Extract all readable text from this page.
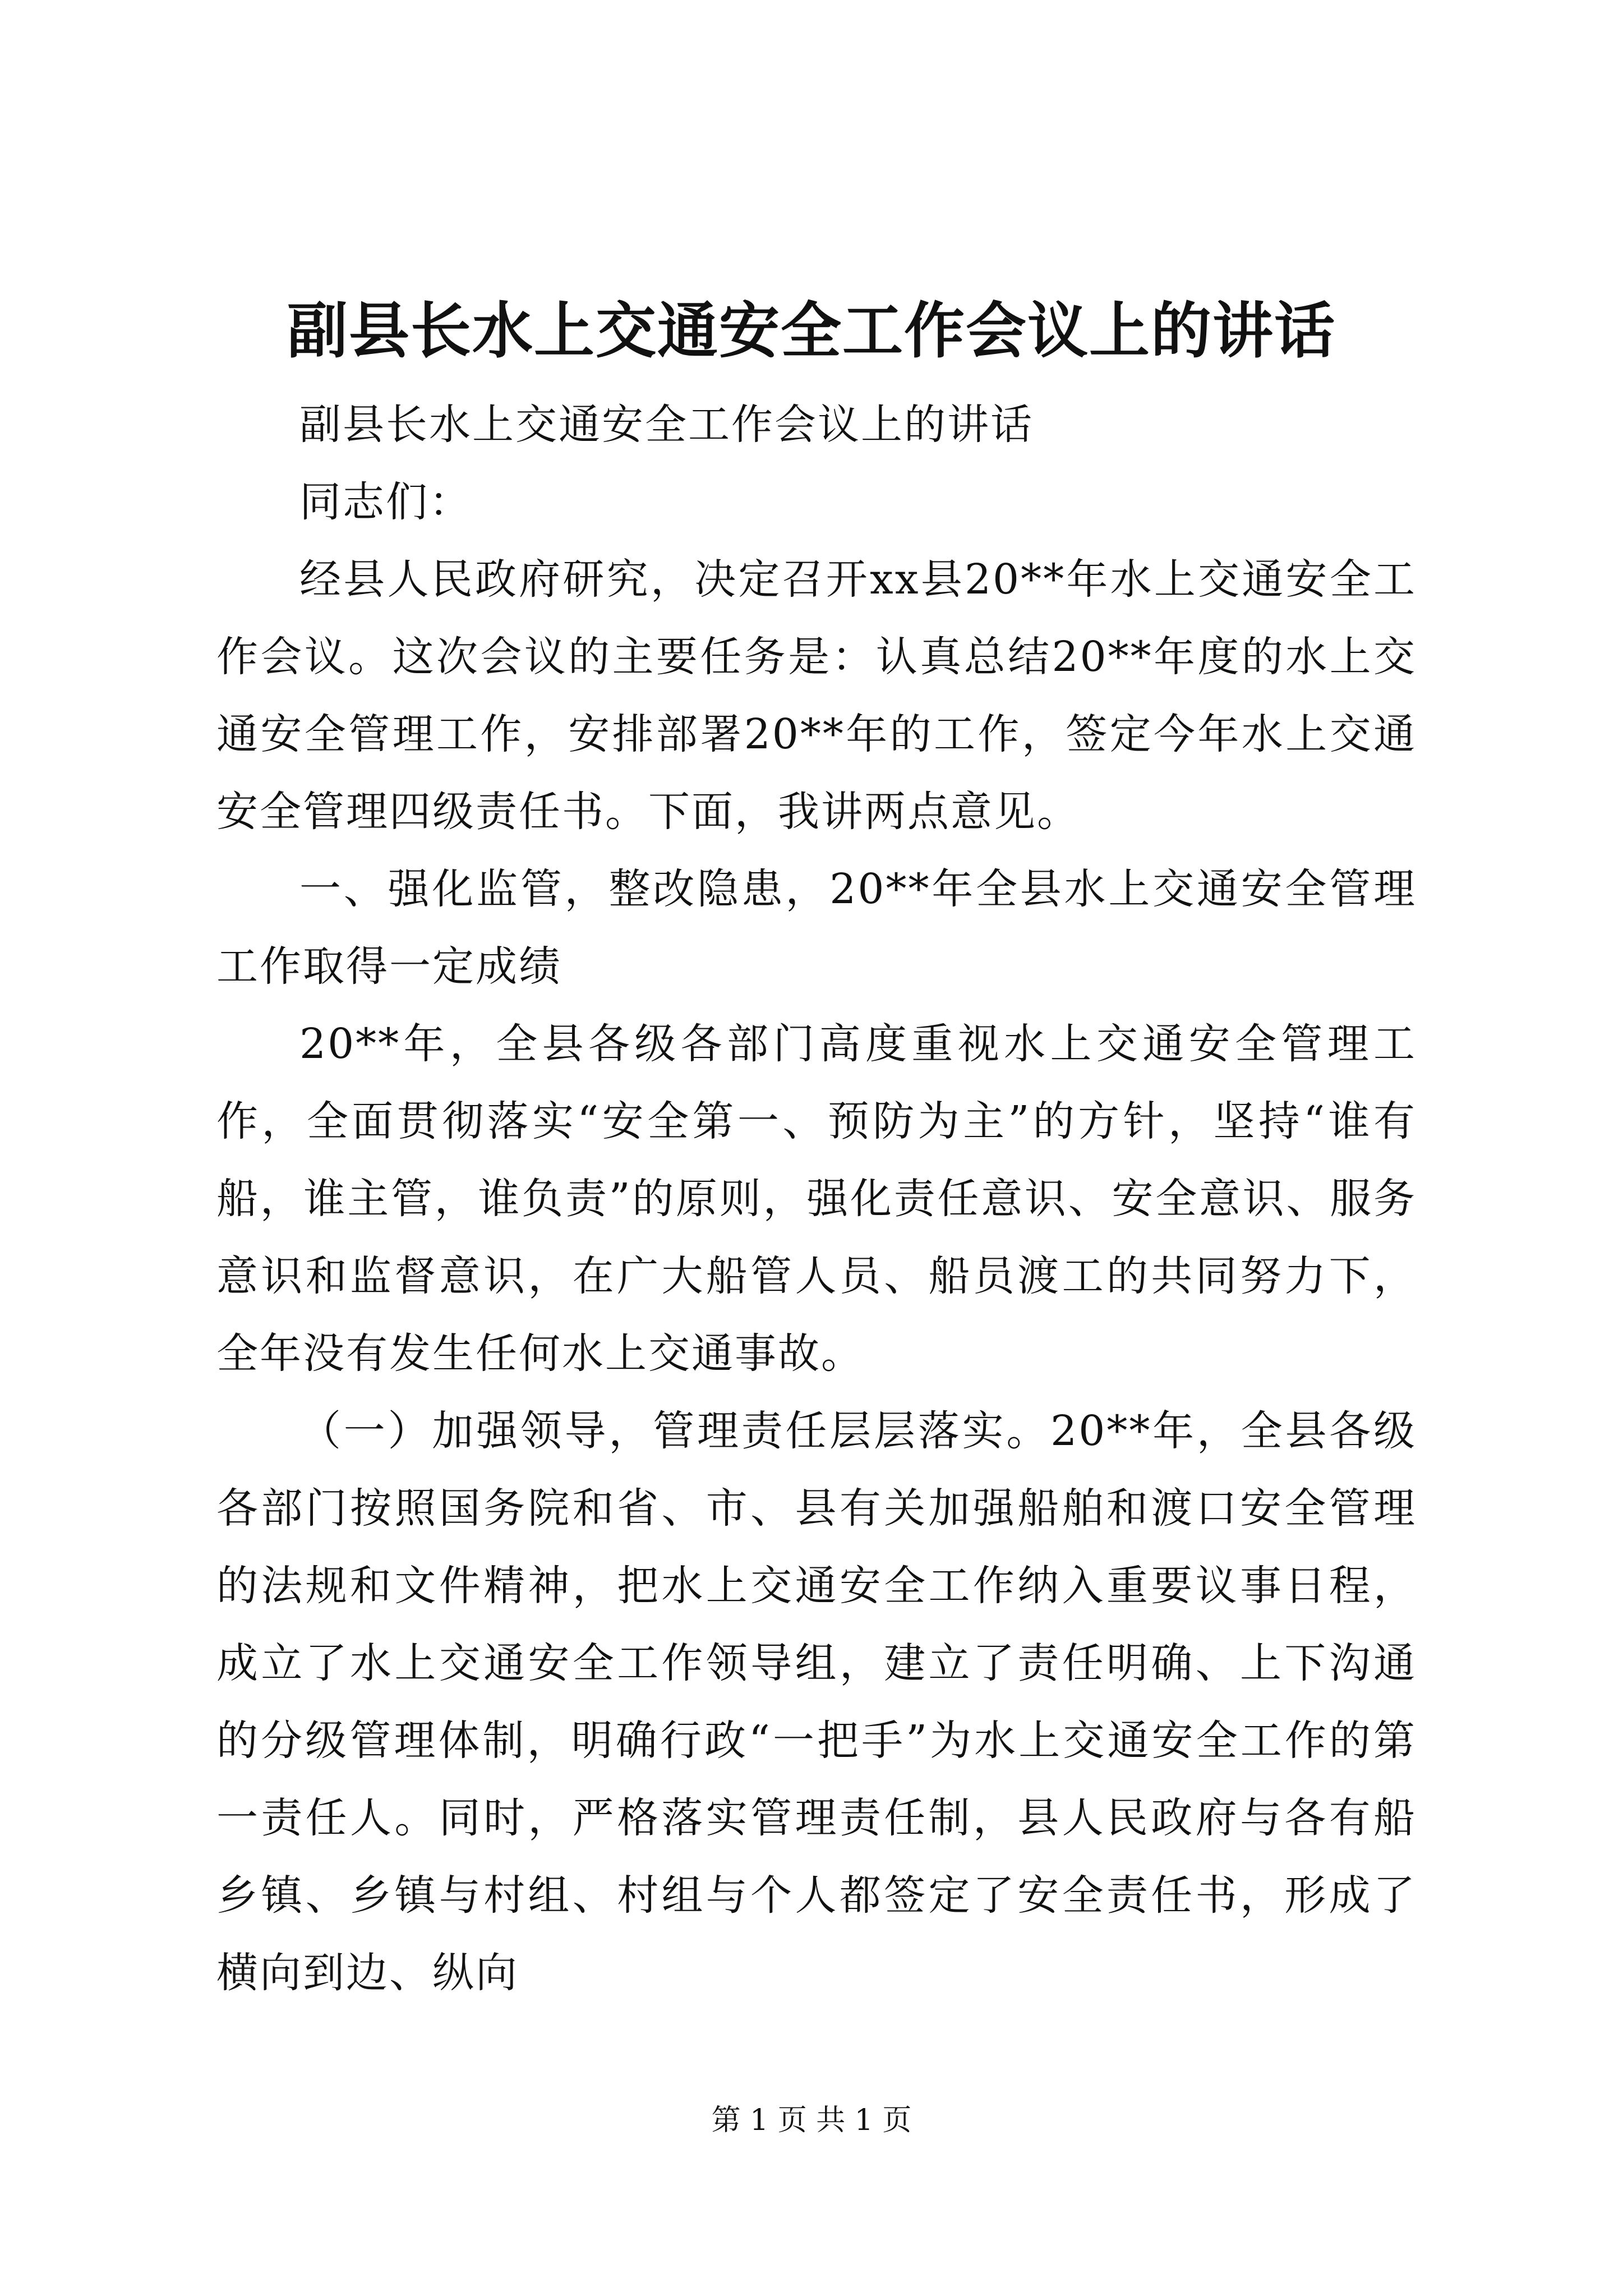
副县长水上交通安全工作会议上的讲话

副县长水上交通安全工作会议上的讲话

同志们：

经县人民政府研究，决定召开xx县20**年水上交通安全工作会议。这次会议的主要任务是：认真总结20**年度的水上交通安全管理工作，安排部署20**年的工作，签定今年水上交通安全管理四级责任书。下面，我讲两点意见。

一、强化监管，整改隐患，20**年全县水上交通安全管理工作取得一定成绩

20**年，全县各级各部门高度重视水上交通安全管理工作，全面贯彻落实“安全第一、预防为主”的方针，坚持“谁有船，谁主管，谁负责”的原则，强化责任意识、安全意识、服务意识和监督意识，在广大船管人员、船员渡工的共同努力下，全年没有发生任何水上交通事故。

（一）加强领导，管理责任层层落实。20**年，全县各级各部门按照国务院和省、市、县有关加强船舶和渡口安全管理的法规和文件精神，把水上交通安全工作纳入重要议事日程，成立了水上交通安全工作领导组，建立了责任明确、上下沟通的分级管理体制，明确行政“一把手”为水上交通安全工作的第一责任人。同时，严格落实管理责任制，县人民政府与各有船乡镇、乡镇与村组、村组与个人都签定了安全责任书，形成了横向到边、纵向

第 1 页 共 1 页
